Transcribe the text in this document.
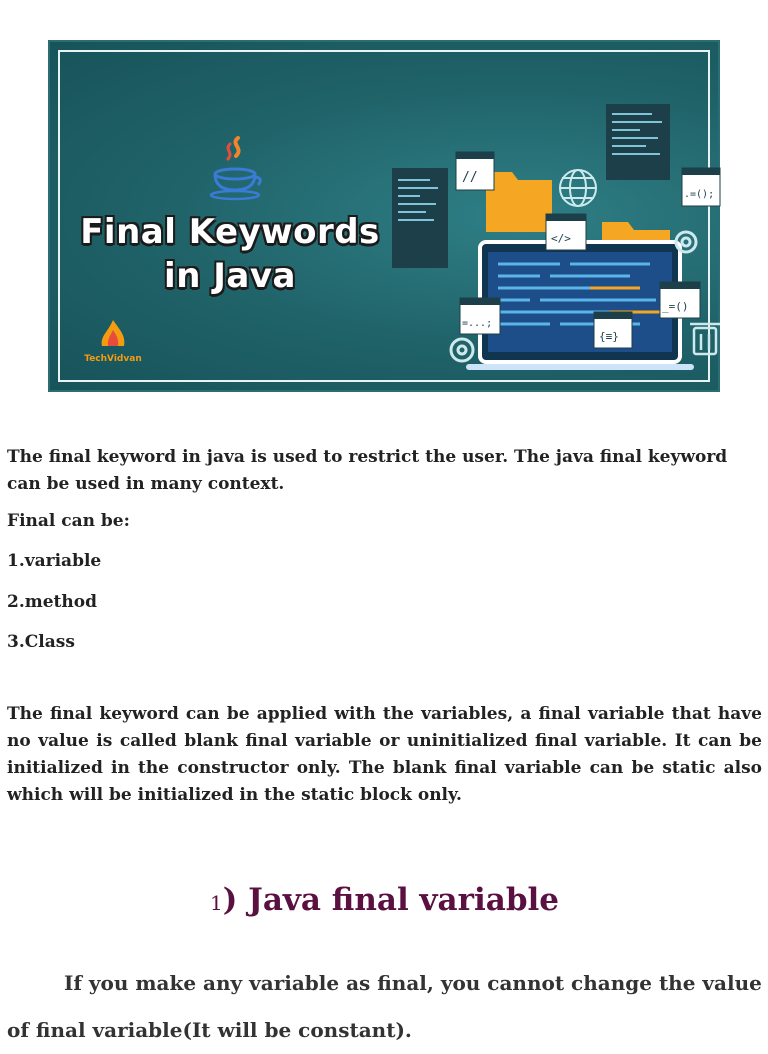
Final Keywords
in Java
TechVidvan
//
.=();
</>
_=()
=...;
{≡}

The final keyword in java is used to restrict the user. The java final keyword can be used in many context.

Final can be:

1.variable

2.method

3.Class

The final keyword can be applied with the variables, a final variable that have no value is called blank final variable or uninitialized final variable. It can be initialized in the constructor only. The blank final variable can be static also which will be initialized in the static block only.

1) Java final variable

If you make any variable as final, you cannot change the value of final variable(It will be constant).
